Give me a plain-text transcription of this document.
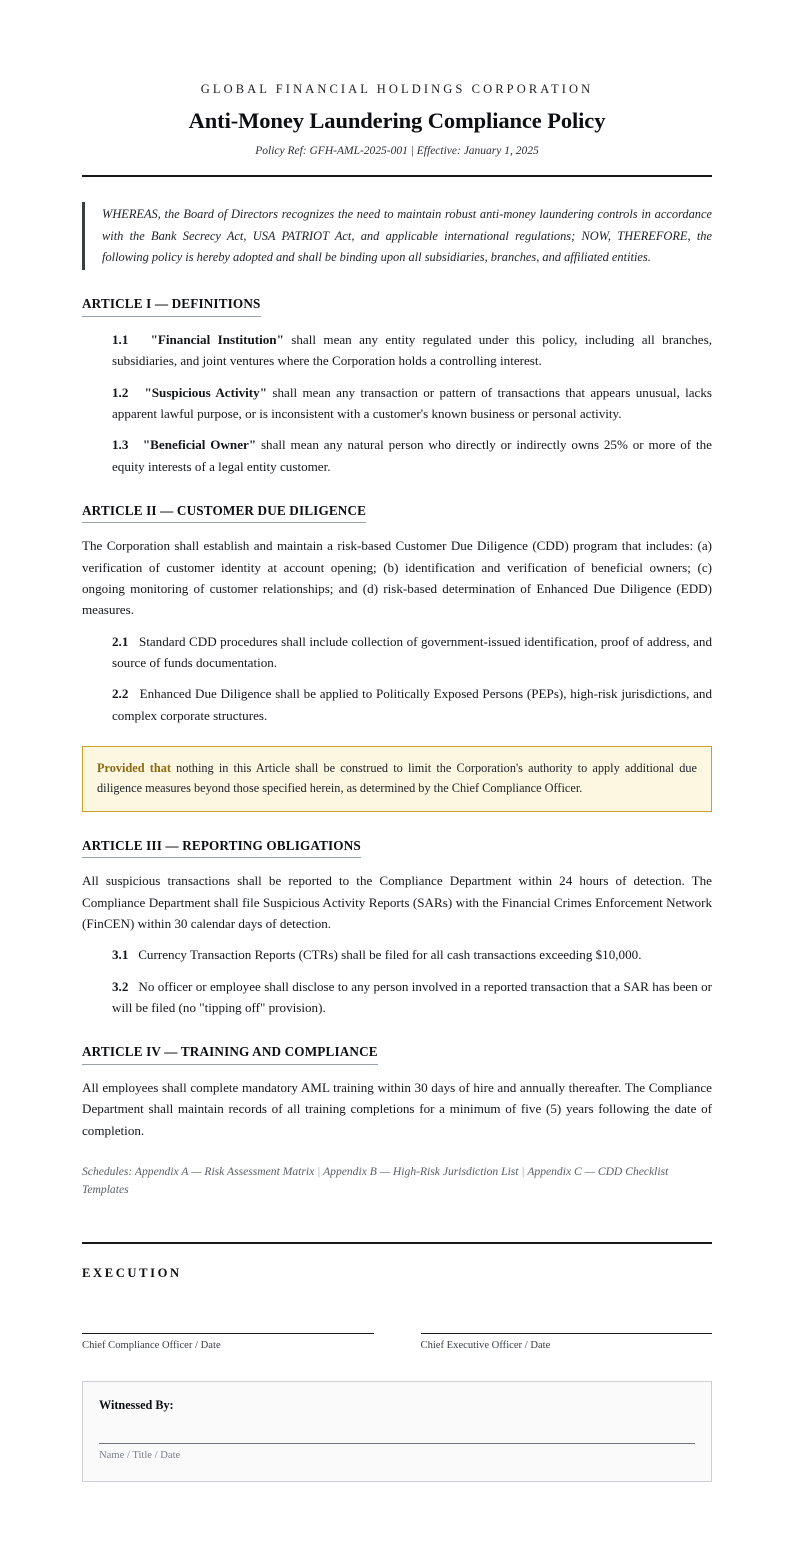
GLOBAL FINANCIAL HOLDINGS CORPORATION
Anti-Money Laundering Compliance Policy
Policy Ref: GFH-AML-2025-001 | Effective: January 1, 2025

WHEREAS, the Board of Directors recognizes the need to maintain robust anti-money laundering controls in accordance with the Bank Secrecy Act, USA PATRIOT Act, and applicable international regulations; NOW, THEREFORE, the following policy is hereby adopted and shall be binding upon all subsidiaries, branches, and affiliated entities.

ARTICLE I — DEFINITIONS

1.1 "Financial Institution" shall mean any entity regulated under this policy, including all branches, subsidiaries, and joint ventures where the Corporation holds a controlling interest.

1.2 "Suspicious Activity" shall mean any transaction or pattern of transactions that appears unusual, lacks apparent lawful purpose, or is inconsistent with a customer's known business or personal activity.

1.3 "Beneficial Owner" shall mean any natural person who directly or indirectly owns 25% or more of the equity interests of a legal entity customer.

ARTICLE II — CUSTOMER DUE DILIGENCE

The Corporation shall establish and maintain a risk-based Customer Due Diligence (CDD) program that includes: (a) verification of customer identity at account opening; (b) identification and verification of beneficial owners; (c) ongoing monitoring of customer relationships; and (d) risk-based determination of Enhanced Due Diligence (EDD) measures.

2.1 Standard CDD procedures shall include collection of government-issued identification, proof of address, and source of funds documentation.

2.2 Enhanced Due Diligence shall be applied to Politically Exposed Persons (PEPs), high-risk jurisdictions, and complex corporate structures.

Provided that nothing in this Article shall be construed to limit the Corporation's authority to apply additional due diligence measures beyond those specified herein, as determined by the Chief Compliance Officer.

ARTICLE III — REPORTING OBLIGATIONS

All suspicious transactions shall be reported to the Compliance Department within 24 hours of detection. The Compliance Department shall file Suspicious Activity Reports (SARs) with the Financial Crimes Enforcement Network (FinCEN) within 30 calendar days of detection.

3.1 Currency Transaction Reports (CTRs) shall be filed for all cash transactions exceeding $10,000.

3.2 No officer or employee shall disclose to any person involved in a reported transaction that a SAR has been or will be filed (no "tipping off" provision).

ARTICLE IV — TRAINING AND COMPLIANCE

All employees shall complete mandatory AML training within 30 days of hire and annually thereafter. The Compliance Department shall maintain records of all training completions for a minimum of five (5) years following the date of completion.

Schedules: Appendix A — Risk Assessment Matrix | Appendix B — High-Risk Jurisdiction List | Appendix C — CDD Checklist Templates
EXECUTION
Chief Compliance Officer / Date	Chief Executive Officer / Date
Witnessed By:
Name / Title / Date
